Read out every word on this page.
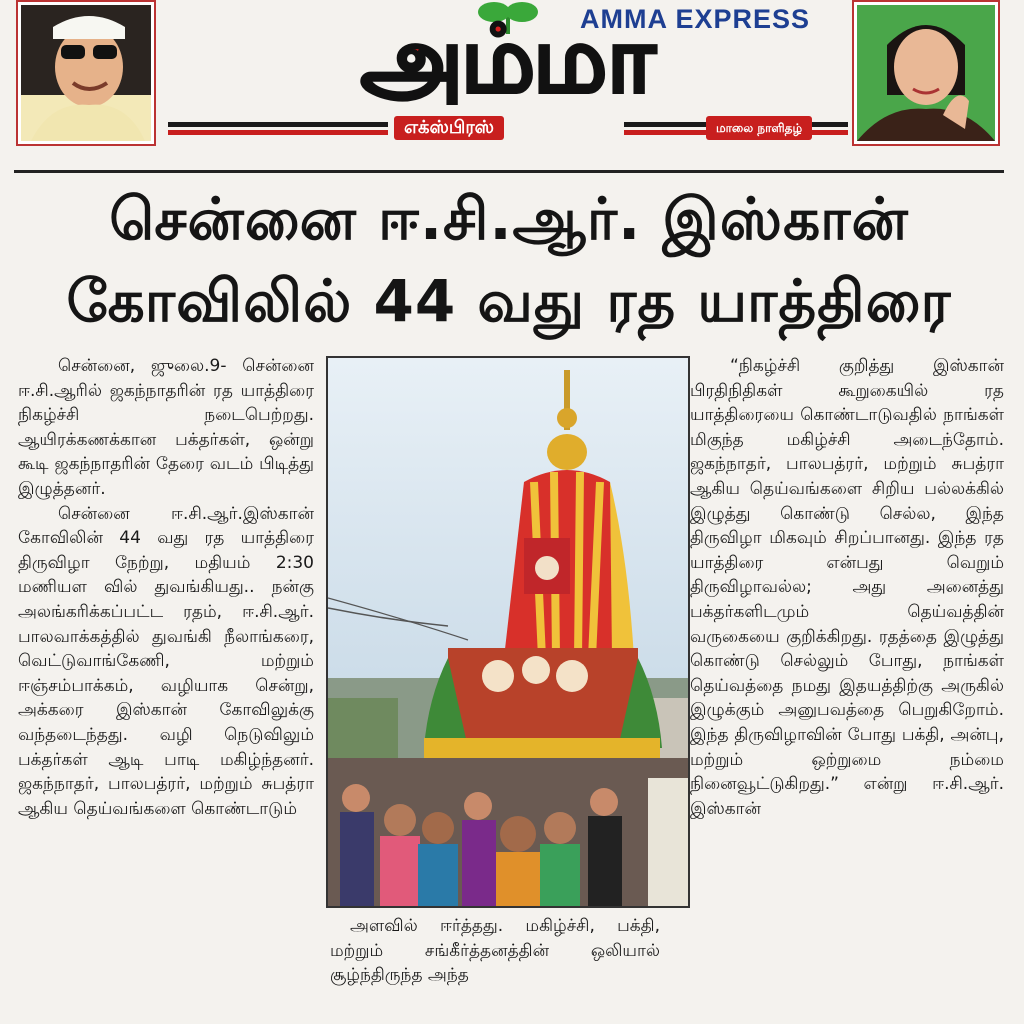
AMMA EXPRESS
அம்மா
எக்ஸ்பிரஸ்	மாலை நாளிதழ்
சென்னை ஈ.சி.ஆர். இஸ்கான்
கோவிலில் 44 வது ரத யாத்திரை

சென்னை, ஜுலை.9- சென்னை ஈ.சி.ஆரில் ஜகந்நாதரின் ரத யாத்திரை நிகழ்ச்சி நடைபெற்றது. ஆயிரக்கணக்கான பக்தர்கள், ஒன்று கூடி ஜகந்நாதரின் தேரை வடம் பிடித்து இழுத்தனர்.

சென்னை ஈ.சி.ஆர்.இஸ்கான் கோவிலின் 44 வது ரத யாத்திரை திருவிழா நேற்று, மதியம் 2:30 மணியள வில் துவங்கியது.. நன்கு அலங்கரிக்கப்பட்ட ரதம், ஈ.சி.ஆர். பாலவாக்கத்தில் துவங்கி நீலாங்கரை, வெட்டுவாங்கேணி, மற்றும் ஈஞ்சம்பாக்கம், வழியாக சென்று, அக்கரை இஸ்கான் கோவிலுக்கு வந்தடைந்தது. வழி நெடுவிலும் பக்தர்கள் ஆடி பாடி மகிழ்ந்தனர். ஜகந்நாதர், பாலபத்ரர், மற்றும் சுபத்ரா ஆகிய தெய்வங்களை கொண்டாடும்

அளவில் ஈர்த்தது. மகிழ்ச்சி, பக்தி, மற்றும் சங்கீர்த்தனத்தின் ஒலியால் சூழ்ந்திருந்த அந்த

“நிகழ்ச்சி குறித்து இஸ்கான் பிரதிநிதிகள் கூறுகையில் ரத யாத்திரையை கொண்டாடுவதில் நாங்கள் மிகுந்த மகிழ்ச்சி அடைந்தோம். ஜகந்நாதர், பாலபத்ரர், மற்றும் சுபத்ரா ஆகிய தெய்வங்களை சிறிய பல்லக்கில் இழுத்து கொண்டு செல்ல, இந்த திருவிழா மிகவும் சிறப்பானது. இந்த ரத யாத்திரை என்பது வெறும் திருவிழாவல்ல; அது அனைத்து பக்தர்களிடமும் தெய்வத்தின் வருகையை குறிக்கிறது. ரதத்தை இழுத்து கொண்டு செல்லும் போது, நாங்கள் தெய்வத்தை நமது இதயத்திற்கு அருகில் இழுக்கும் அனுபவத்தை பெறுகிறோம். இந்த திருவிழாவின் போது பக்தி, அன்பு, மற்றும் ஒற்றுமை நம்மை நினைவூட்டுகிறது.” என்று ஈ.சி.ஆர். இஸ்கான்
